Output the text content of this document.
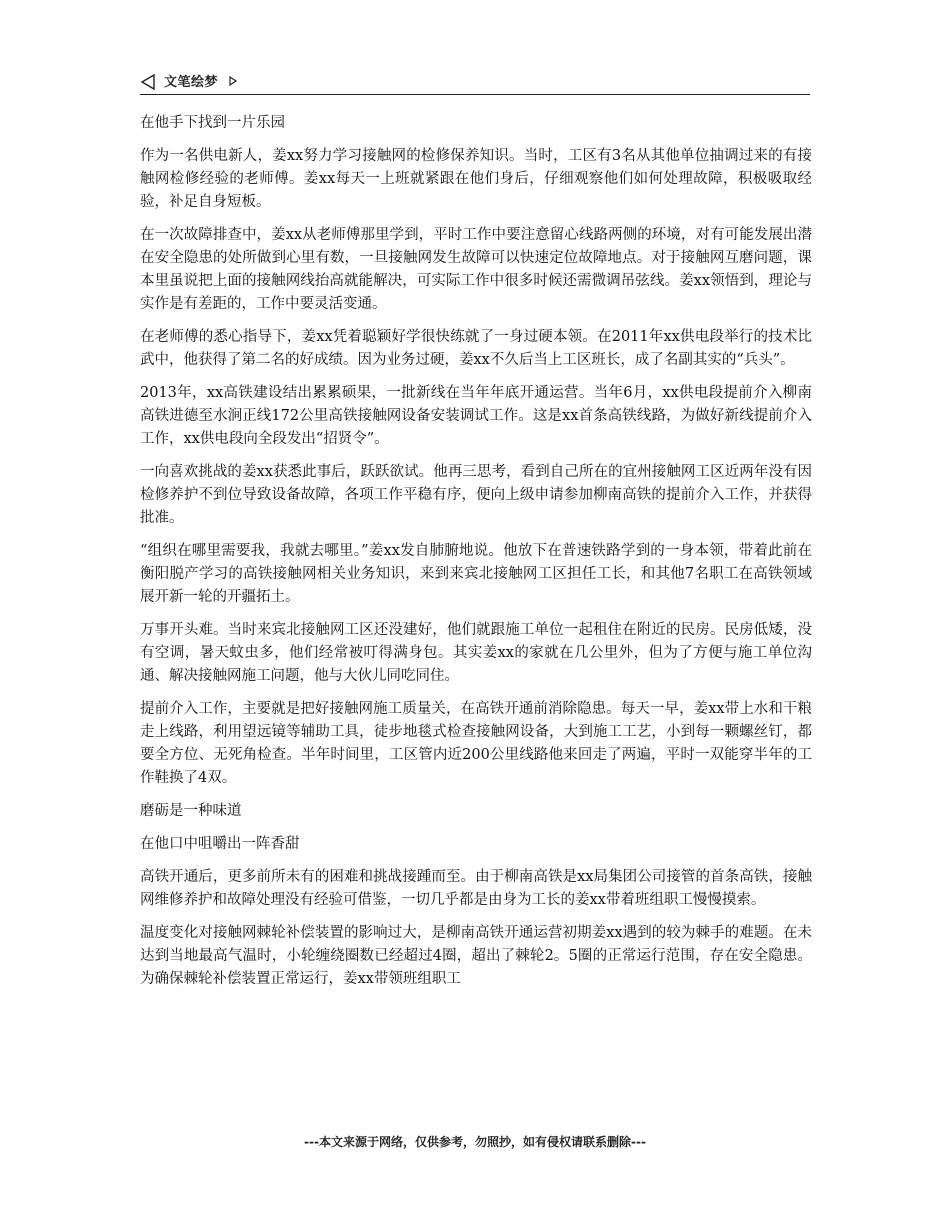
文笔绘梦

在他手下找到一片乐园

作为一名供电新人，姜xx努力学习接触网的检修保养知识。当时，工区有3名从其他单位抽调过来的有接触网检修经验的老师傅。姜xx每天一上班就紧跟在他们身后，仔细观察他们如何处理故障，积极吸取经验，补足自身短板。

在一次故障排查中，姜xx从老师傅那里学到，平时工作中要注意留心线路两侧的环境，对有可能发展出潜在安全隐患的处所做到心里有数，一旦接触网发生故障可以快速定位故障地点。对于接触网互磨问题，课本里虽说把上面的接触网线抬高就能解决，可实际工作中很多时候还需微调吊弦线。姜xx领悟到，理论与实作是有差距的，工作中要灵活变通。

在老师傅的悉心指导下，姜xx凭着聪颖好学很快练就了一身过硬本领。在2011年xx供电段举行的技术比武中，他获得了第二名的好成绩。因为业务过硬，姜xx不久后当上工区班长，成了名副其实的“兵头”。

2013年，xx高铁建设结出累累硕果，一批新线在当年年底开通运营。当年6月，xx供电段提前介入柳南高铁进德至水涧正线172公里高铁接触网设备安装调试工作。这是xx首条高铁线路，为做好新线提前介入工作，xx供电段向全段发出“招贤令”。

一向喜欢挑战的姜xx获悉此事后，跃跃欲试。他再三思考，看到自己所在的宜州接触网工区近两年没有因检修养护不到位导致设备故障，各项工作平稳有序，便向上级申请参加柳南高铁的提前介入工作，并获得批准。

“组织在哪里需要我，我就去哪里。”姜xx发自肺腑地说。他放下在普速铁路学到的一身本领，带着此前在衡阳脱产学习的高铁接触网相关业务知识，来到来宾北接触网工区担任工长，和其他7名职工在高铁领域展开新一轮的开疆拓土。

万事开头难。当时来宾北接触网工区还没建好，他们就跟施工单位一起租住在附近的民房。民房低矮，没有空调，暑天蚊虫多，他们经常被叮得满身包。其实姜xx的家就在几公里外，但为了方便与施工单位沟通、解决接触网施工问题，他与大伙儿同吃同住。

提前介入工作，主要就是把好接触网施工质量关，在高铁开通前消除隐患。每天一早，姜xx带上水和干粮走上线路，利用望远镜等辅助工具，徒步地毯式检查接触网设备，大到施工工艺，小到每一颗螺丝钉，都要全方位、无死角检查。半年时间里，工区管内近200公里线路他来回走了两遍，平时一双能穿半年的工作鞋换了4双。

磨砺是一种味道

在他口中咀嚼出一阵香甜

高铁开通后，更多前所未有的困难和挑战接踵而至。由于柳南高铁是xx局集团公司接管的首条高铁，接触网维修养护和故障处理没有经验可借鉴，一切几乎都是由身为工长的姜xx带着班组职工慢慢摸索。

温度变化对接触网棘轮补偿装置的影响过大，是柳南高铁开通运营初期姜xx遇到的较为棘手的难题。在未达到当地最高气温时，小轮缠绕圈数已经超过4圈，超出了棘轮2。5圈的正常运行范围，存在安全隐患。为确保棘轮补偿装置正常运行，姜xx带领班组职工

---本文来源于网络，仅供参考，勿照抄，如有侵权请联系删除---
